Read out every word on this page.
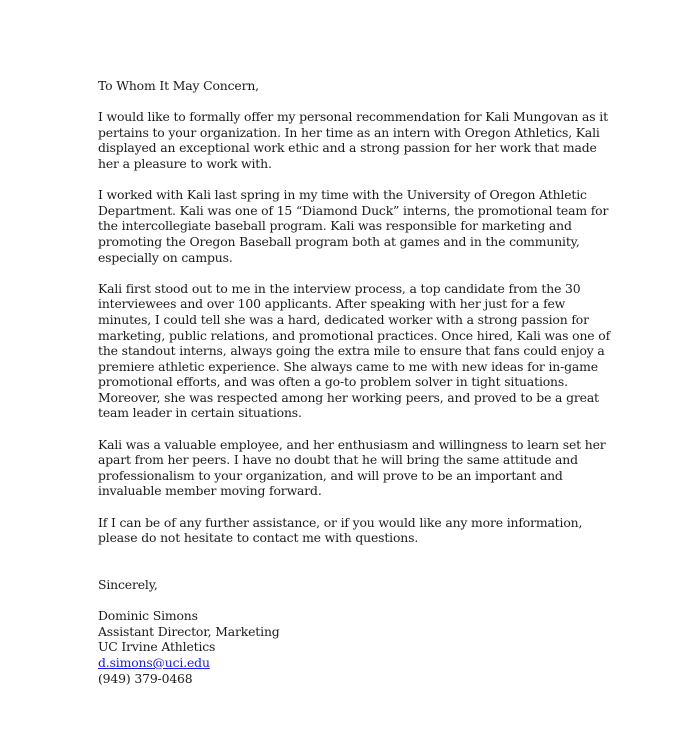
To Whom It May Concern,

I would like to formally offer my personal recommendation for Kali Mungovan as it
pertains to your organization. In her time as an intern with Oregon Athletics, Kali
displayed an exceptional work ethic and a strong passion for her work that made
her a pleasure to work with.

I worked with Kali last spring in my time with the University of Oregon Athletic
Department. Kali was one of 15 “Diamond Duck” interns, the promotional team for
the intercollegiate baseball program. Kali was responsible for marketing and
promoting the Oregon Baseball program both at games and in the community,
especially on campus.

Kali first stood out to me in the interview process, a top candidate from the 30
interviewees and over 100 applicants. After speaking with her just for a few
minutes, I could tell she was a hard, dedicated worker with a strong passion for
marketing, public relations, and promotional practices. Once hired, Kali was one of
the standout interns, always going the extra mile to ensure that fans could enjoy a
premiere athletic experience. She always came to me with new ideas for in-game
promotional efforts, and was often a go-to problem solver in tight situations.
Moreover, she was respected among her working peers, and proved to be a great
team leader in certain situations.

Kali was a valuable employee, and her enthusiasm and willingness to learn set her
apart from her peers. I have no doubt that he will bring the same attitude and
professionalism to your organization, and will prove to be an important and
invaluable member moving forward.

If I can be of any further assistance, or if you would like any more information,
please do not hesitate to contact me with questions.

Sincerely,

Dominic Simons
Assistant Director, Marketing
UC Irvine Athletics
d.simons@uci.edu
(949) 379-0468
